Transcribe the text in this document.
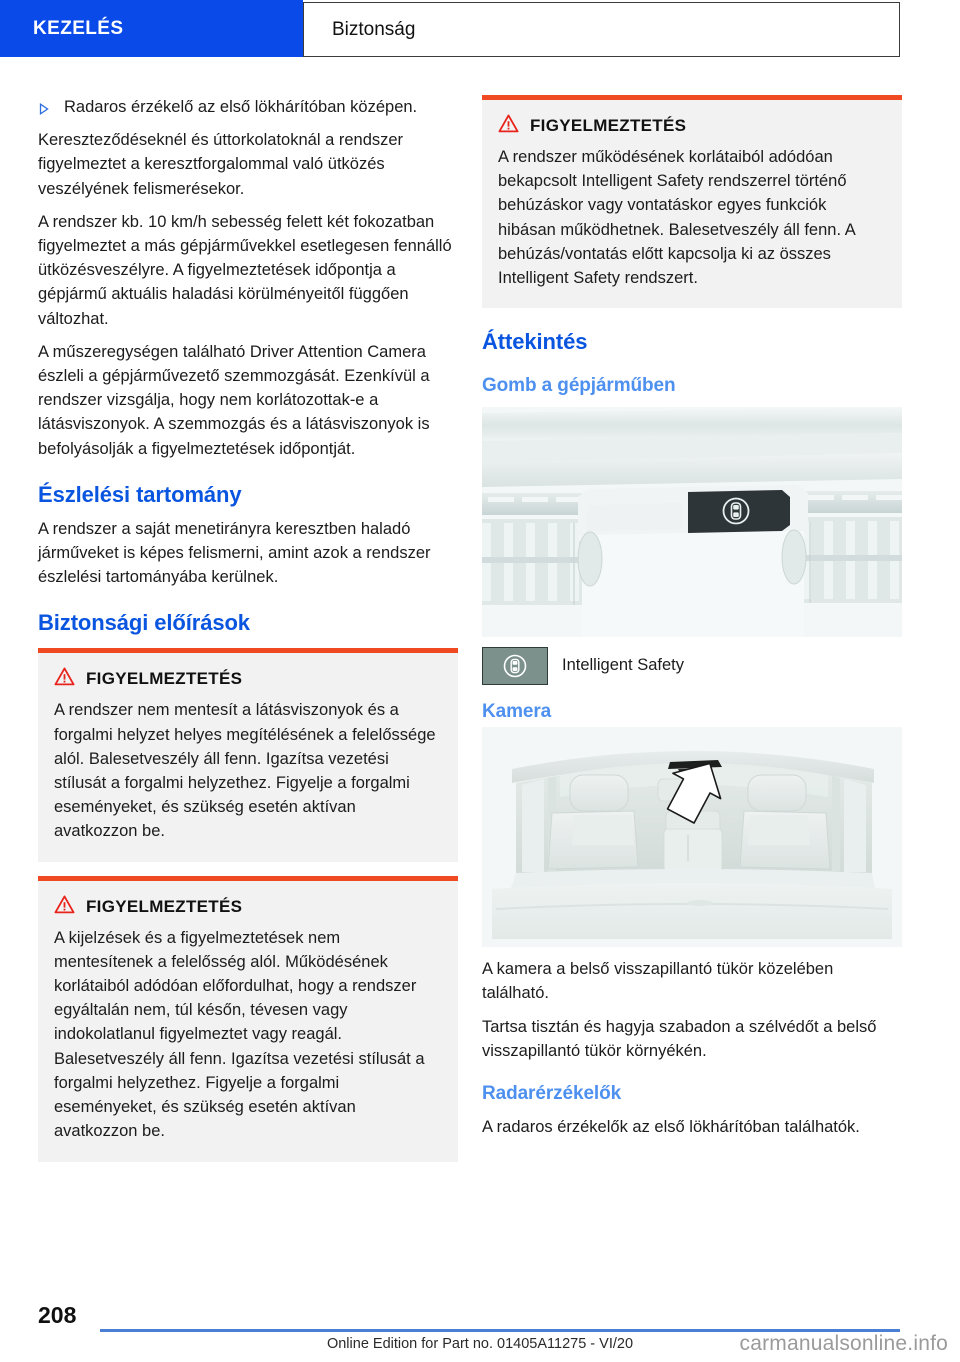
KEZELÉS	Biztonság
Radaros érzékelő az első lökhárítóban középen.

Kereszteződéseknél és úttorkolatoknál a rendszer figyelmeztet a keresztforgalommal való ütközés veszélyének felismerésekor.

A rendszer kb. 10 km/h sebesség felett két fokozatban figyelmeztet a más gépjárművekkel esetlegesen fennálló ütközésveszélyre. A figyelmeztetések időpontja a gépjármű aktuális haladási körülményeitől függően változhat.

A műszeregységen található Driver Attention Camera észleli a gépjárművezető szemmozgását. Ezenkívül a rendszer vizsgálja, hogy nem korlátozottak-e a látásviszonyok. A szemmozgás és a látásviszonyok is befolyásolják a figyelmeztetések időpontját.

Észlelési tartomány

A rendszer a saját menetirányra keresztben haladó járműveket is képes felismerni, amint azok a rendszer észlelési tartományába kerülnek.

Biztonsági előírások
FIGYELMEZTETÉS

A rendszer nem mentesít a látásviszonyok és a forgalmi helyzet helyes megítélésének a felelőssége alól. Balesetveszély áll fenn. Igazítsa vezetési stílusát a forgalmi helyzethez. Figyelje a forgalmi eseményeket, és szükség esetén aktívan avatkozzon be.

FIGYELMEZTETÉS

A kijelzések és a figyelmeztetések nem mentesítenek a felelősség alól. Működésének korlátaiból adódóan előfordulhat, hogy a rendszer egyáltalán nem, túl későn, tévesen vagy indokolatlanul figyelmeztet vagy reagál. Balesetveszély áll fenn. Igazítsa vezetési stílusát a forgalmi helyzethez. Figyelje a forgalmi eseményeket, és szükség esetén aktívan avatkozzon be.

FIGYELMEZTETÉS

A rendszer működésének korlátaiból adódóan bekapcsolt Intelligent Safety rendszerrel történő behúzáskor vagy vontatáskor egyes funkciók hibásan működhetnek. Balesetveszély áll fenn. A behúzás/vontatás előtt kapcsolja ki az összes Intelligent Safety rendszert.

Áttekintés
Gomb a gépjárműben
Intelligent Safety
Kamera

A kamera a belső visszapillantó tükör közelében található.

Tartsa tisztán és hagyja szabadon a szélvédőt a belső visszapillantó tükör környékén.

Radarérzékelők

A radaros érzékelők az első lökhárítóban találhatók.

208
Online Edition for Part no. 01405A11275 - VI/20	carmanualsonline.info
